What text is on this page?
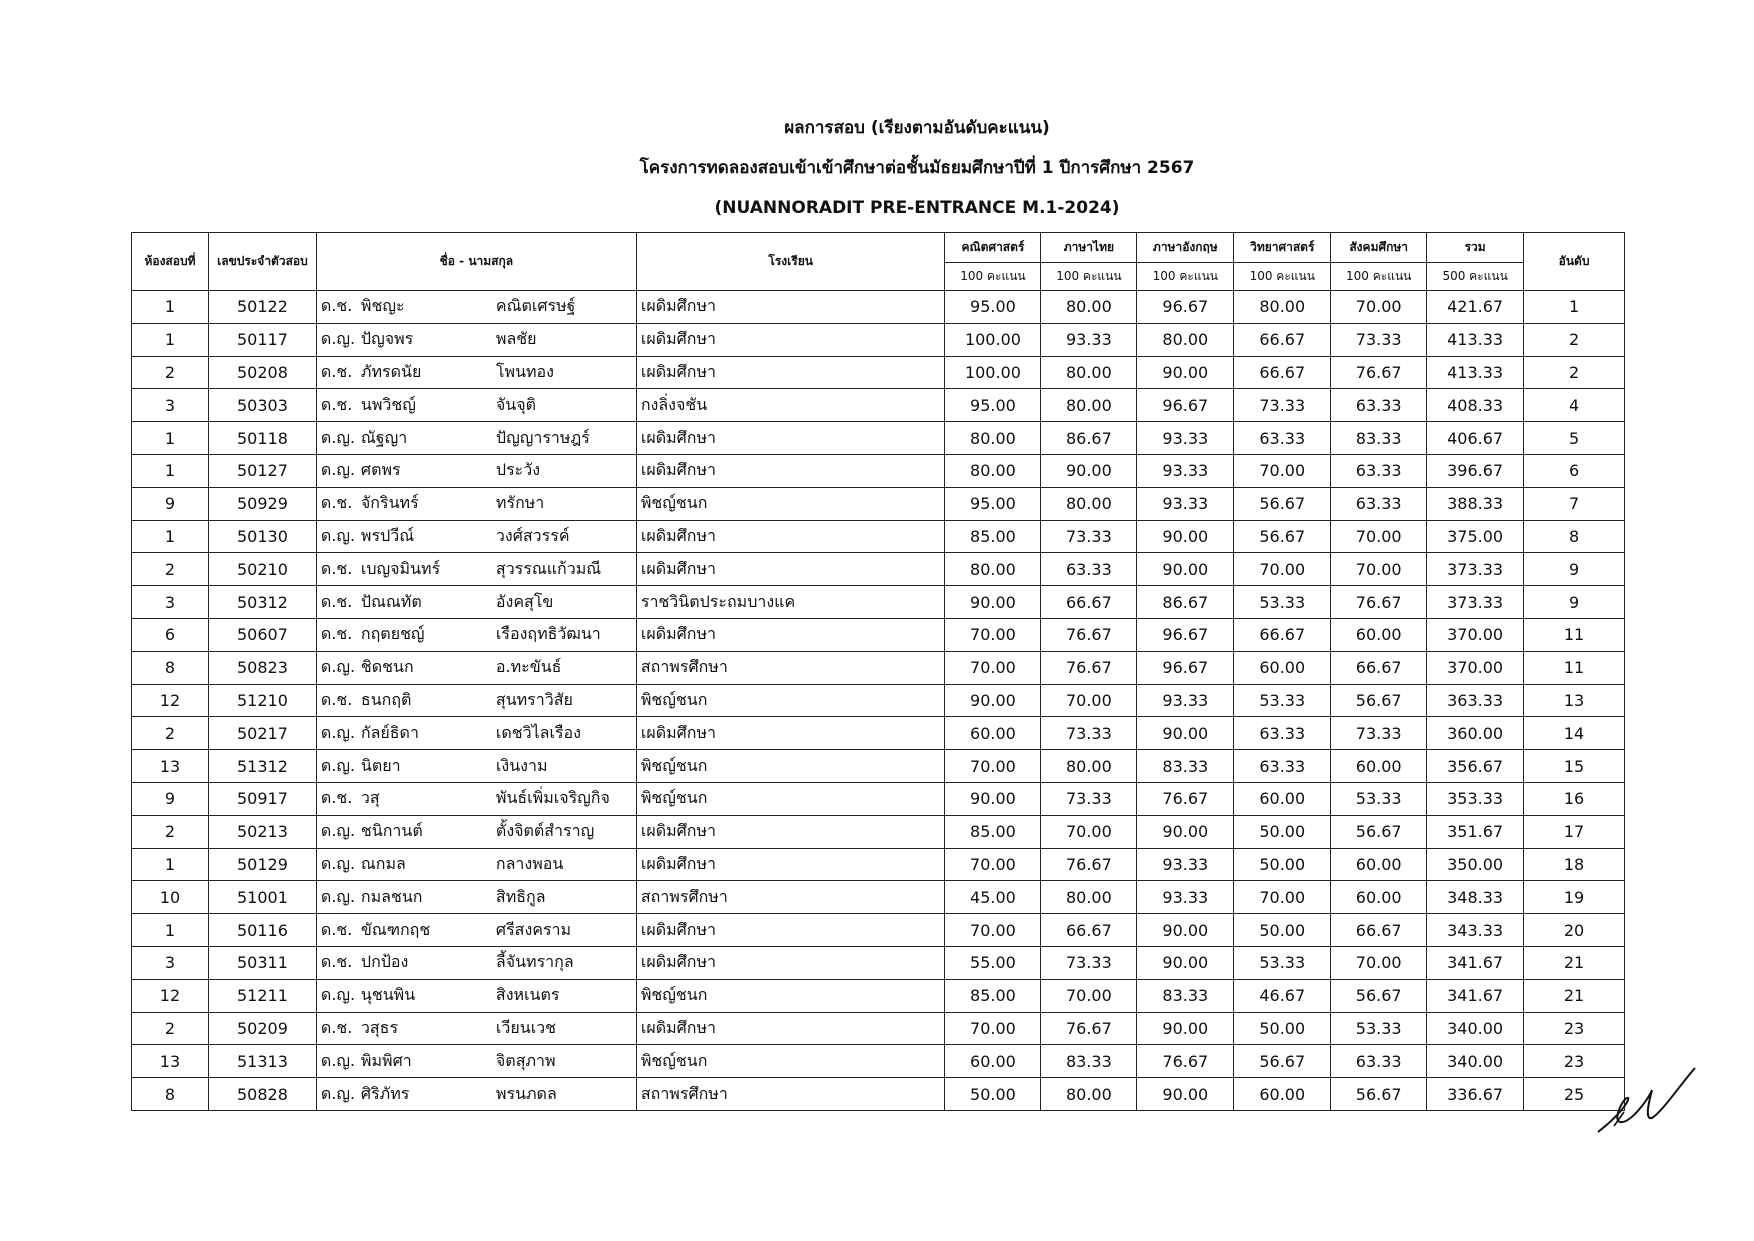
ผลการสอบ (เรียงตามอันดับคะแนน)
โครงการทดลองสอบเข้าเข้าศึกษาต่อชั้นมัธยมศึกษาปีที่ 1 ปีการศึกษา 2567
(NUANNORADIT PRE-ENTRANCE M.1-2024)
ห้องสอบที่	เลขประจำตัวสอบ	ชื่อ - นามสกุล	โรงเรียน	คณิตศาสตร์	ภาษาไทย	ภาษาอังกฤษ	วิทยาศาสตร์	สังคมศึกษา	รวม	อันดับ
				100 คะแนน	100 คะแนน	100 คะแนน	100 คะแนน	100 คะแนน	500 คะแนน	
1	50122	ด.ช. พิชญะ คณิตเศรษฐ์	เผดิมศึกษา	95.00	80.00	96.67	80.00	70.00	421.67	1
1	50117	ด.ญ. ปัญจพร พลชัย	เผดิมศึกษา	100.00	93.33	80.00	66.67	73.33	413.33	2
2	50208	ด.ช. ภัทรดนัย โพนทอง	เผดิมศึกษา	100.00	80.00	90.00	66.67	76.67	413.33	2
3	50303	ด.ช. นพวิชญ์ จันจุติ	กงลิ่งจชัน	95.00	80.00	96.67	73.33	63.33	408.33	4
1	50118	ด.ญ. ณัฐญา ปัญญาราษฎร์	เผดิมศึกษา	80.00	86.67	93.33	63.33	83.33	406.67	5
1	50127	ด.ญ. ศตพร ประวัง	เผดิมศึกษา	80.00	90.00	93.33	70.00	63.33	396.67	6
9	50929	ด.ช. จักรินทร์ ทรักษา	พิชญ์ชนก	95.00	80.00	93.33	56.67	63.33	388.33	7
1	50130	ด.ญ. พรปวีณ์ วงศ์สวรรค์	เผดิมศึกษา	85.00	73.33	90.00	56.67	70.00	375.00	8
2	50210	ด.ช. เบญจมินทร์ สุวรรณแก้วมณี	เผดิมศึกษา	80.00	63.33	90.00	70.00	70.00	373.33	9
3	50312	ด.ช. ปัณณทัต อังคสุโข	ราชวินิตประถมบางแค	90.00	66.67	86.67	53.33	76.67	373.33	9
6	50607	ด.ช. กฤตยชญ์ เรืองฤทธิวัฒนา	เผดิมศึกษา	70.00	76.67	96.67	66.67	60.00	370.00	11
8	50823	ด.ญ. ชิดชนก อ.ทะขันธ์	สถาพรศึกษา	70.00	76.67	96.67	60.00	66.67	370.00	11
12	51210	ด.ช. ธนกฤติ สุนทราวิสัย	พิชญ์ชนก	90.00	70.00	93.33	53.33	56.67	363.33	13
2	50217	ด.ญ. กัลย์ธิดา เดชวิไลเรือง	เผดิมศึกษา	60.00	73.33	90.00	63.33	73.33	360.00	14
13	51312	ด.ญ. นิตยา เงินงาม	พิชญ์ชนก	70.00	80.00	83.33	63.33	60.00	356.67	15
9	50917	ด.ช. วสุ พันธ์เพิ่มเจริญกิจ	พิชญ์ชนก	90.00	73.33	76.67	60.00	53.33	353.33	16
2	50213	ด.ญ. ชนิกานต์ ตั้งจิตต์สำราญ	เผดิมศึกษา	85.00	70.00	90.00	50.00	56.67	351.67	17
1	50129	ด.ญ. ณกมล กลางพอน	เผดิมศึกษา	70.00	76.67	93.33	50.00	60.00	350.00	18
10	51001	ด.ญ. กมลชนก สิทธิกูล	สถาพรศึกษา	45.00	80.00	93.33	70.00	60.00	348.33	19
1	50116	ด.ช. ขัณฑกฤช ศรีสงคราม	เผดิมศึกษา	70.00	66.67	90.00	50.00	66.67	343.33	20
3	50311	ด.ช. ปกป้อง ลี้จันทรากุล	เผดิมศึกษา	55.00	73.33	90.00	53.33	70.00	341.67	21
12	51211	ด.ญ. นุชนพิน สิงหเนตร	พิชญ์ชนก	85.00	70.00	83.33	46.67	56.67	341.67	21
2	50209	ด.ช. วสุธร เวียนเวช	เผดิมศึกษา	70.00	76.67	90.00	50.00	53.33	340.00	23
13	51313	ด.ญ. พิมพิศา จิตสุภาพ	พิชญ์ชนก	60.00	83.33	76.67	56.67	63.33	340.00	23
8	50828	ด.ญ. ศิริภัทร พรนภดล	สถาพรศึกษา	50.00	80.00	90.00	60.00	56.67	336.67	25
